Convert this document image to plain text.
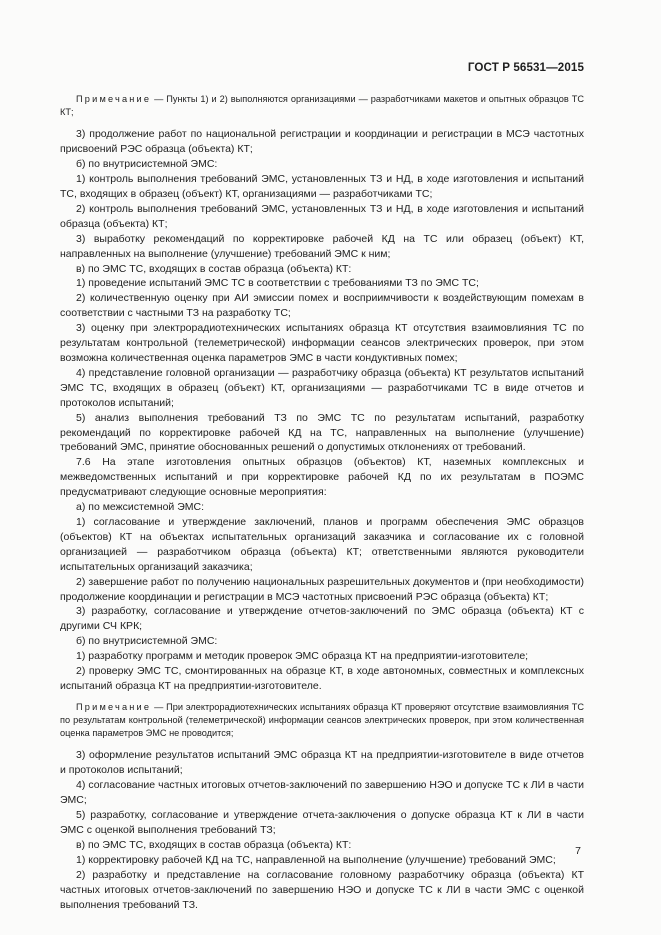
ГОСТ Р 56531—2015

Примечание — Пункты 1) и 2) выполняются организациями — разработчиками макетов и опытных образцов ТС КТ;

3) продолжение работ по национальной регистрации и координации и регистрации в МСЭ частотных присвоений РЭС образца (объекта) КТ;

б) по внутрисистемной ЭМС:

1) контроль выполнения требований ЭМС, установленных ТЗ и НД, в ходе изготовления и испытаний ТС, входящих в образец (объект) КТ, организациями — разработчиками ТС;

2) контроль выполнения требований ЭМС, установленных ТЗ и НД, в ходе изготовления и испытаний образца (объекта) КТ;

3) выработку рекомендаций по корректировке рабочей КД на ТС или образец (объект) КТ, направленных на выполнение (улучшение) требований ЭМС к ним;

в) по ЭМС ТС, входящих в состав образца (объекта) КТ:

1) проведение испытаний ЭМС ТС в соответствии с требованиями ТЗ по ЭМС ТС;

2) количественную оценку при АИ эмиссии помех и восприимчивости к воздействующим помехам в соответствии с частными ТЗ на разработку ТС;

3) оценку при электрорадиотехнических испытаниях образца КТ отсутствия взаимовлияния ТС по результатам контрольной (телеметрической) информации сеансов электрических проверок, при этом возможна количественная оценка параметров ЭМС в части кондуктивных помех;

4) представление головной организации — разработчику образца (объекта) КТ результатов испытаний ЭМС ТС, входящих в образец (объект) КТ, организациями — разработчиками ТС в виде отчетов и протоколов испытаний;

5) анализ выполнения требований ТЗ по ЭМС ТС по результатам испытаний, разработку рекомендаций по корректировке рабочей КД на ТС, направленных на выполнение (улучшение) требований ЭМС, принятие обоснованных решений о допустимых отклонениях от требований.

7.6 На этапе изготовления опытных образцов (объектов) КТ, наземных комплексных и межведомственных испытаний и при корректировке рабочей КД по их результатам в ПОЭМС предусматривают следующие основные мероприятия:

а) по межсистемной ЭМС:

1) согласование и утверждение заключений, планов и программ обеспечения ЭМС образцов (объектов) КТ на объектах испытательных организаций заказчика и согласование их с головной организацией — разработчиком образца (объекта) КТ; ответственными являются руководители испытательных организаций заказчика;

2) завершение работ по получению национальных разрешительных документов и (при необходимости) продолжение координации и регистрации в МСЭ частотных присвоений РЭС образца (объекта) КТ;

3) разработку, согласование и утверждение отчетов-заключений по ЭМС образца (объекта) КТ с другими СЧ КРК;

б) по внутрисистемной ЭМС:

1) разработку программ и методик проверок ЭМС образца КТ на предприятии-изготовителе;

2) проверку ЭМС ТС, смонтированных на образце КТ, в ходе автономных, совместных и комплексных испытаний образца КТ на предприятии-изготовителе.

Примечание — При электрорадиотехнических испытаниях образца КТ проверяют отсутствие взаимовлияния ТС по результатам контрольной (телеметрической) информации сеансов электрических проверок, при этом количественная оценка параметров ЭМС не проводится;

3) оформление результатов испытаний ЭМС образца КТ на предприятии-изготовителе в виде отчетов и протоколов испытаний;

4) согласование частных итоговых отчетов-заключений по завершению НЭО и допуске ТС к ЛИ в части ЭМС;

5) разработку, согласование и утверждение отчета-заключения о допуске образца КТ к ЛИ в части ЭМС с оценкой выполнения требований ТЗ;

в) по ЭМС ТС, входящих в состав образца (объекта) КТ:

1) корректировку рабочей КД на ТС, направленной на выполнение (улучшение) требований ЭМС;

2) разработку и представление на согласование головному разработчику образца (объекта) КТ частных итоговых отчетов-заключений по завершению НЭО и допуске ТС к ЛИ в части ЭМС с оценкой выполнения требований ТЗ.

7
